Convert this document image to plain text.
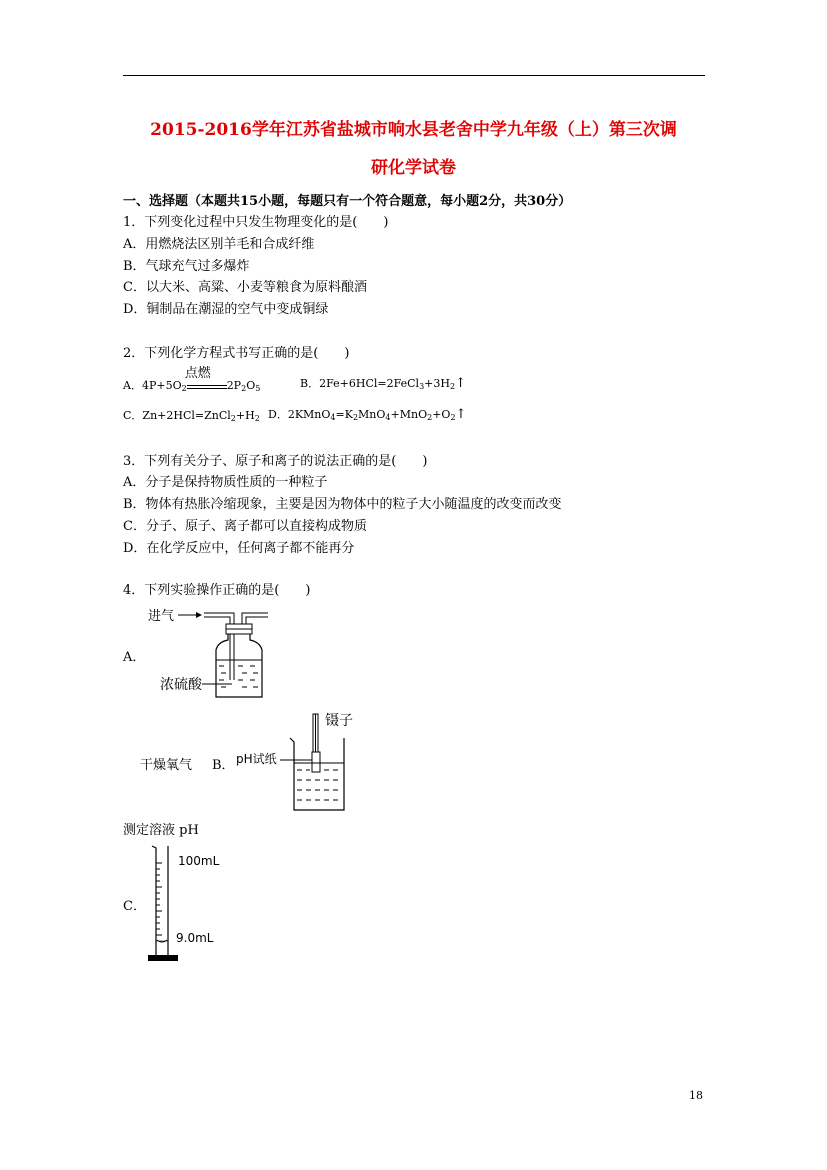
2015-2016学年江苏省盐城市响水县老舍中学九年级（上）第三次调
研化学试卷
一、选择题（本题共15小题，每题只有一个符合题意，每小题2分，共30分）
1．下列变化过程中只发生物理变化的是(　　)
A．用燃烧法区别羊毛和合成纤维
B．气球充气过多爆炸
C．以大米、高粱、小麦等粮食为原料酿酒
D．铜制品在潮湿的空气中变成铜绿
2．下列化学方程式书写正确的是(　　)
A．$4P+5O_2$
点燃
$2P_2O_5$	B．$2Fe+6HCl=2FeCl_3+3H_2↑$
C．$Zn+2HCl=ZnCl_2+H_2$ D．$2KMnO_4=K_2MnO_4+MnO_2+O_2↑$
3．下列有关分子、原子和离子的说法正确的是(　　)
A．分子是保持物质性质的一种粒子
B．物体有热胀冷缩现象，主要是因为物体中的粒子大小随温度的改变而改变
C．分子、原子、离子都可以直接构成物质
D．在化学反应中，任何离子都不能再分
4．下列实验操作正确的是(　　)
A．
进气
浓硫酸
干燥氧气 B．
镊子
pH试纸
测定溶液 pH
C．
100mL
9.0mL
18
